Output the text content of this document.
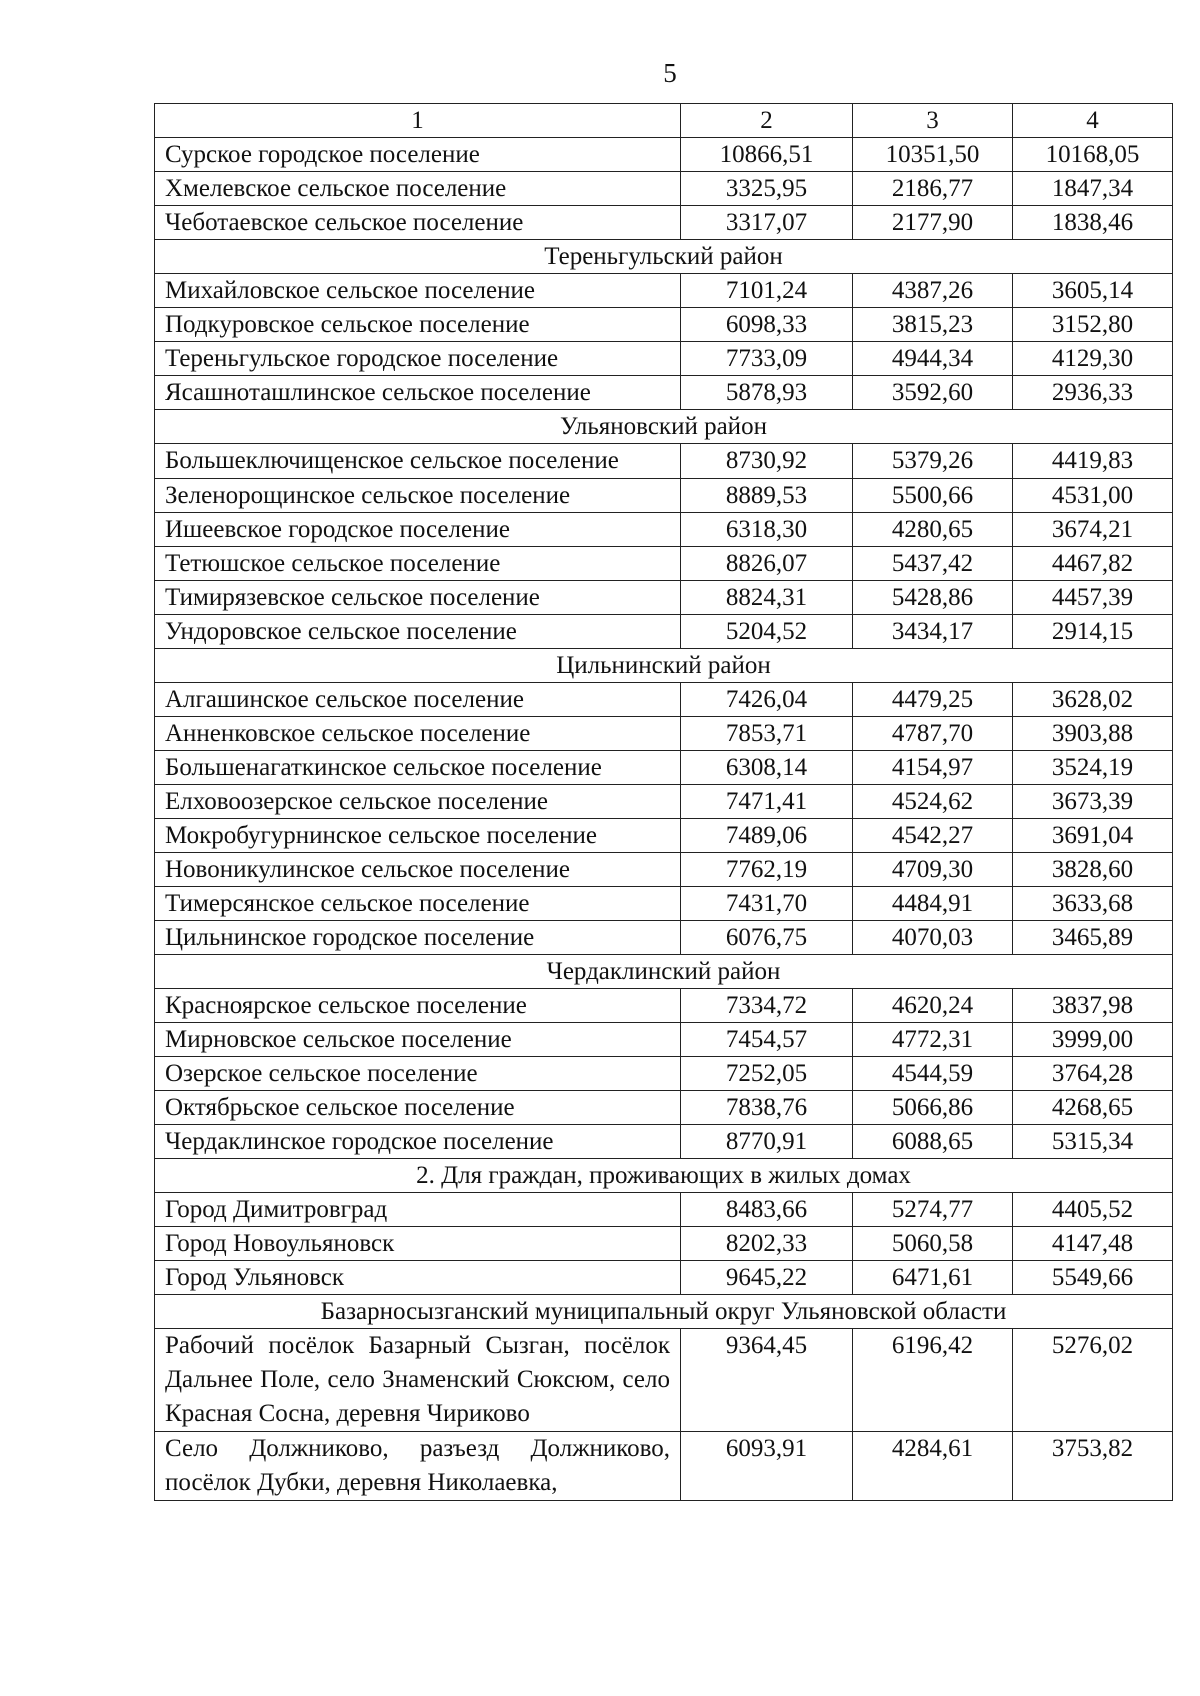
5
1	2	3	4
Сурское городское поселение	10866,51	10351,50	10168,05
Хмелевское сельское поселение	3325,95	2186,77	1847,34
Чеботаевское сельское поселение	3317,07	2177,90	1838,46
Тереньгульский район			
Михайловское сельское поселение	7101,24	4387,26	3605,14
Подкуровское сельское поселение	6098,33	3815,23	3152,80
Тереньгульское городское поселение	7733,09	4944,34	4129,30
Ясашноташлинское сельское поселение	5878,93	3592,60	2936,33
Ульяновский район			
Большеключищенское сельское поселение	8730,92	5379,26	4419,83
Зеленорощинское сельское поселение	8889,53	5500,66	4531,00
Ишеевское городское поселение	6318,30	4280,65	3674,21
Тетюшское сельское поселение	8826,07	5437,42	4467,82
Тимирязевское сельское поселение	8824,31	5428,86	4457,39
Ундоровское сельское поселение	5204,52	3434,17	2914,15
Цильнинский район			
Алгашинское сельское поселение	7426,04	4479,25	3628,02
Анненковское сельское поселение	7853,71	4787,70	3903,88
Большенагаткинское сельское поселение	6308,14	4154,97	3524,19
Елховоозерское сельское поселение	7471,41	4524,62	3673,39
Мокробугурнинское сельское поселение	7489,06	4542,27	3691,04
Новоникулинское сельское поселение	7762,19	4709,30	3828,60
Тимерсянское сельское поселение	7431,70	4484,91	3633,68
Цильнинское городское поселение	6076,75	4070,03	3465,89
Чердаклинский район			
Красноярское сельское поселение	7334,72	4620,24	3837,98
Мирновское сельское поселение	7454,57	4772,31	3999,00
Озерское сельское поселение	7252,05	4544,59	3764,28
Октябрьское сельское поселение	7838,76	5066,86	4268,65
Чердаклинское городское поселение	8770,91	6088,65	5315,34
2. Для граждан, проживающих в жилых домах			
Город Димитровград	8483,66	5274,77	4405,52
Город Новоульяновск	8202,33	5060,58	4147,48
Город Ульяновск	9645,22	6471,61	5549,66
Базарносызганский муниципальный округ Ульяновской области			
Рабочий посёлок Базарный Сызган, посёлок Дальнее Поле, село Знаменский Сюксюм, село Красная Сосна, деревня Чириково	9364,45	6196,42	5276,02
Село Должниково, разъезд Должниково, посёлок Дубки, деревня Николаевка,	6093,91	4284,61	3753,82
